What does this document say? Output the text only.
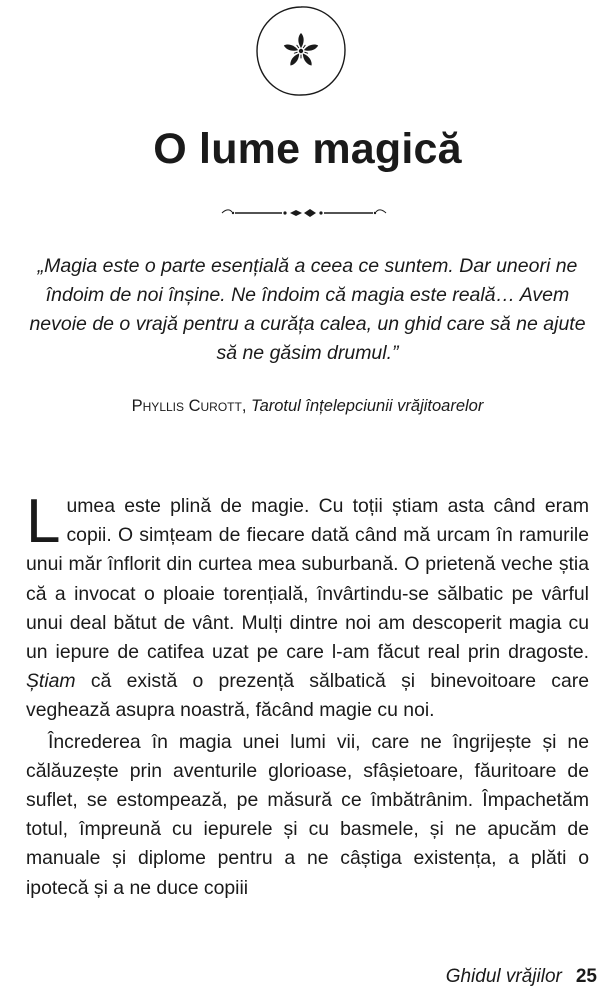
O lume magică

„Magia este o parte esențială a ceea ce suntem. Dar uneori ne îndoim de noi înșine. Ne îndoim că magia este reală… Avem nevoie de o vrajă pentru a curăța calea, un ghid care să ne ajute să ne găsim drumul.”

Phyllis Curott, Tarotul înțelepciunii vrăjitoarelor

Lumea este plină de magie. Cu toții știam asta când eram copii. O simțeam de fiecare dată când mă urcam în ramurile unui măr înflorit din curtea mea suburbană. O prietenă veche știa că a invocat o ploaie torențială, învârtindu-se sălbatic pe vârful unui deal bătut de vânt. Mulți dintre noi am descoperit magia cu un iepure de catifea uzat pe care l-am făcut real prin dragoste. Știam că există o prezență sălbatică și binevoitoare care veghează asupra noastră, făcând magie cu noi.

Încrederea în magia unei lumi vii, care ne îngrijește și ne călăuzește prin aventurile glorioase, sfâșietoare, făuritoare de suflet, se estompează, pe măsură ce îmbătrânim. Împachetăm totul, împreună cu iepurele și cu basmele, și ne apucăm de manuale și diplome pentru a ne câștiga existența, a plăti o ipotecă și a ne duce copiii

Ghidul vrăjilor 25
